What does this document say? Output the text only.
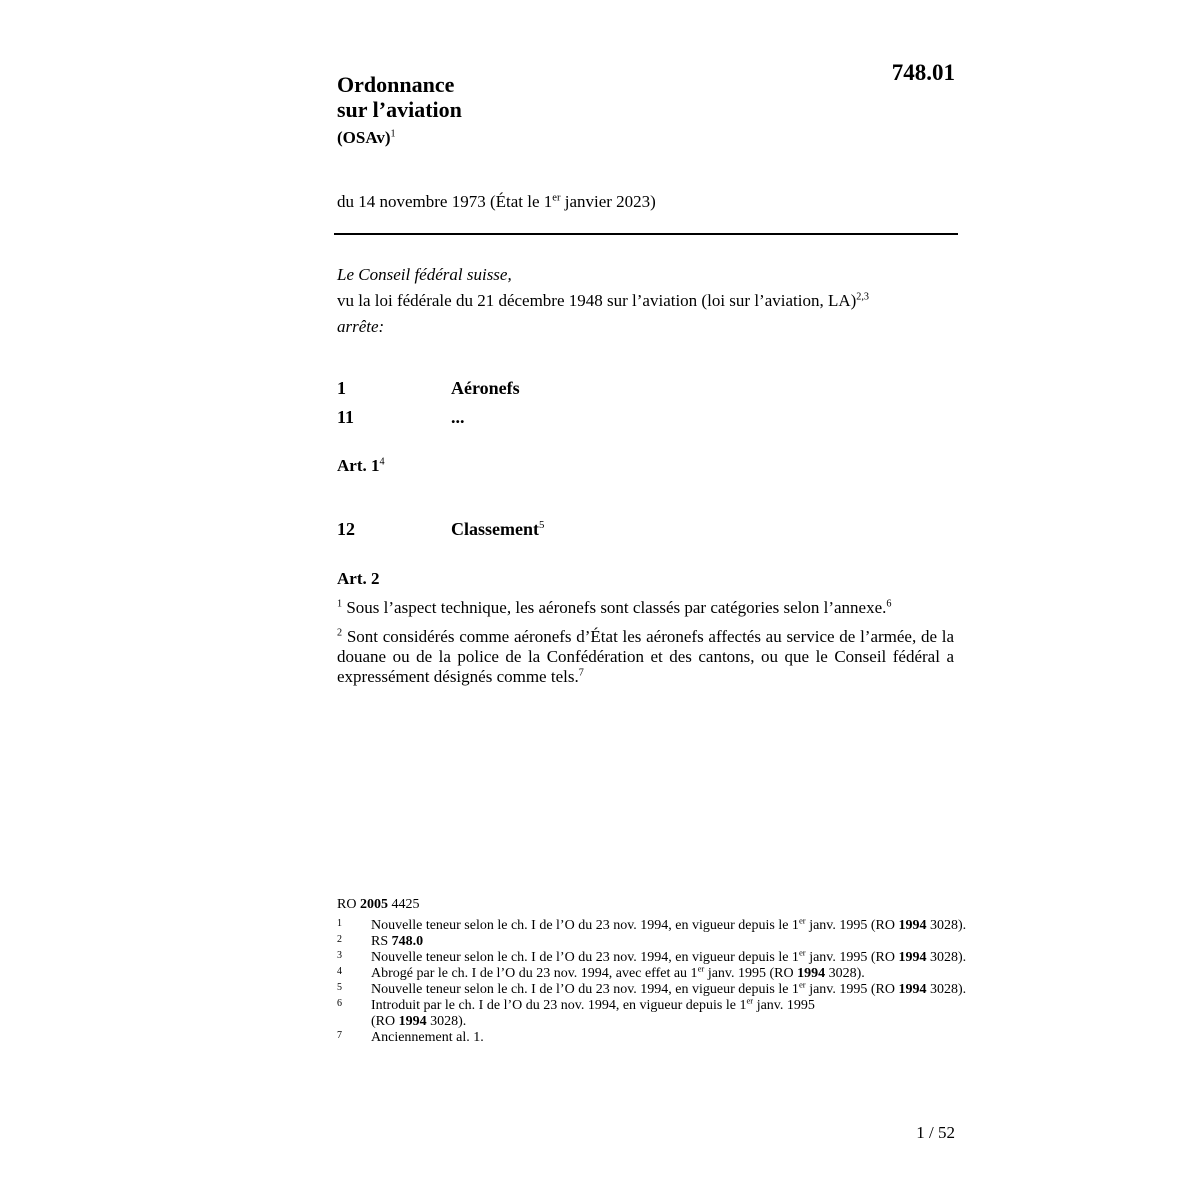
748.01
Ordonnance
sur l’aviation
(OSAv)$^1$
du 14 novembre 1973 (État le 1er janvier 2023)
Le Conseil fédéral suisse,
vu la loi fédérale du 21 décembre 1948 sur l’aviation (loi sur l’aviation, LA)$^{2,3}$
arrête:
1	Aéronefs
11	...
Art. $1^4$
12	Classement$^5$
Art. 2
$^1$ Sous l’aspect technique, les aéronefs sont classés par catégories selon l’annexe.$^6$
$^2$ Sont considérés comme aéronefs d’État les aéronefs affectés au service de l’armée, de la douane ou de la police de la Confédération et des cantons, ou que le Conseil fédéral a expressément désignés comme tels.$^7$
RO 2005 4425
1	Nouvelle teneur selon le ch. I de l’O du 23 nov. 1994, en vigueur depuis le 1er janv. 1995 (RO 1994 3028).
2	RS 748.0
3	Nouvelle teneur selon le ch. I de l’O du 23 nov. 1994, en vigueur depuis le 1er janv. 1995 (RO 1994 3028).
4	Abrogé par le ch. I de l’O du 23 nov. 1994, avec effet au 1er janv. 1995 (RO 1994 3028).
5	Nouvelle teneur selon le ch. I de l’O du 23 nov. 1994, en vigueur depuis le 1er janv. 1995 (RO 1994 3028).
6	Introduit par le ch. I de l’O du 23 nov. 1994, en vigueur depuis le 1er janv. 1995
(RO 1994 3028).
7	Anciennement al. 1.
1 / 52
